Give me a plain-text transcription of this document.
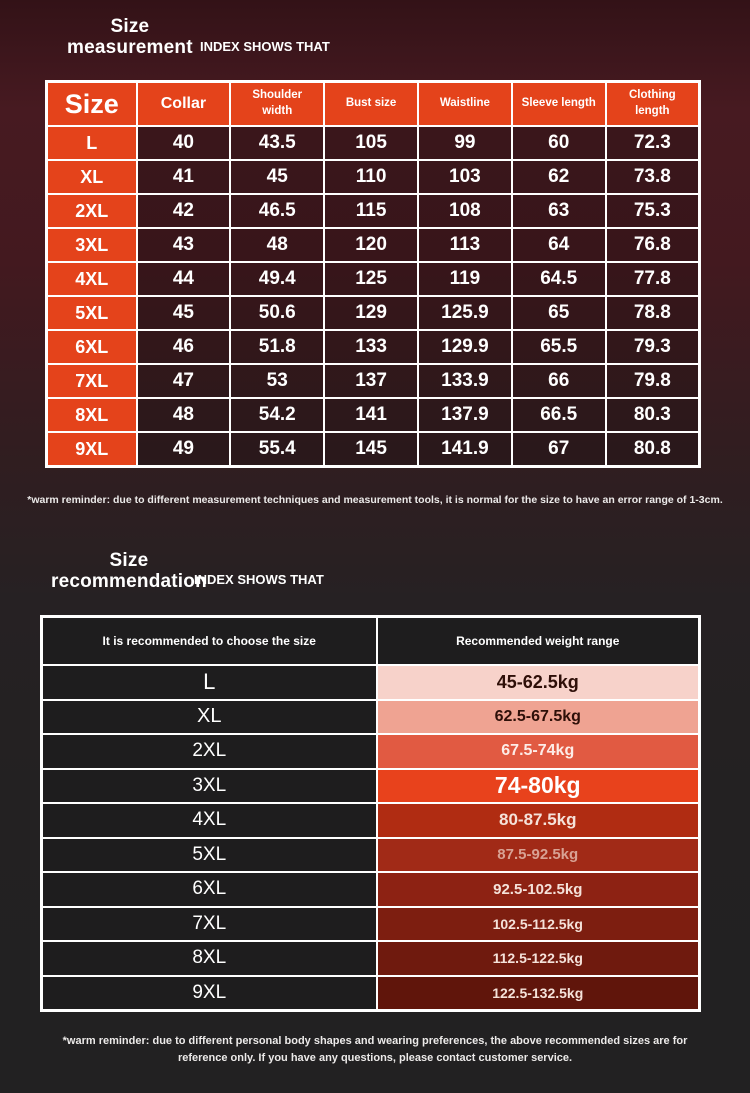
Size
measurement INDEX SHOWS THAT
Size	Collar	Shoulder width	Bust size	Waistline	Sleeve length	Clothing length
L	40	43.5	105	99	60	72.3
XL	41	45	110	103	62	73.8
2XL	42	46.5	115	108	63	75.3
3XL	43	48	120	113	64	76.8
4XL	44	49.4	125	119	64.5	77.8
5XL	45	50.6	129	125.9	65	78.8
6XL	46	51.8	133	129.9	65.5	79.3
7XL	47	53	137	133.9	66	79.8
8XL	48	54.2	141	137.9	66.5	80.3
9XL	49	55.4	145	141.9	67	80.8

*warm reminder: due to different measurement techniques and measurement tools, it is normal for the size to have an error range of 1-3cm.

Size
recommendation
INDEX SHOWS THAT
It is recommended to choose the size	Recommended weight range
L	45-62.5kg
XL	62.5-67.5kg
2XL	67.5-74kg
3XL	74-80kg
4XL	80-87.5kg
5XL	87.5-92.5kg
6XL	92.5-102.5kg
7XL	102.5-112.5kg
8XL	112.5-122.5kg
9XL	122.5-132.5kg

*warm reminder: due to different personal body shapes and wearing preferences, the above recommended sizes are for reference only. If you have any questions, please contact customer service.
